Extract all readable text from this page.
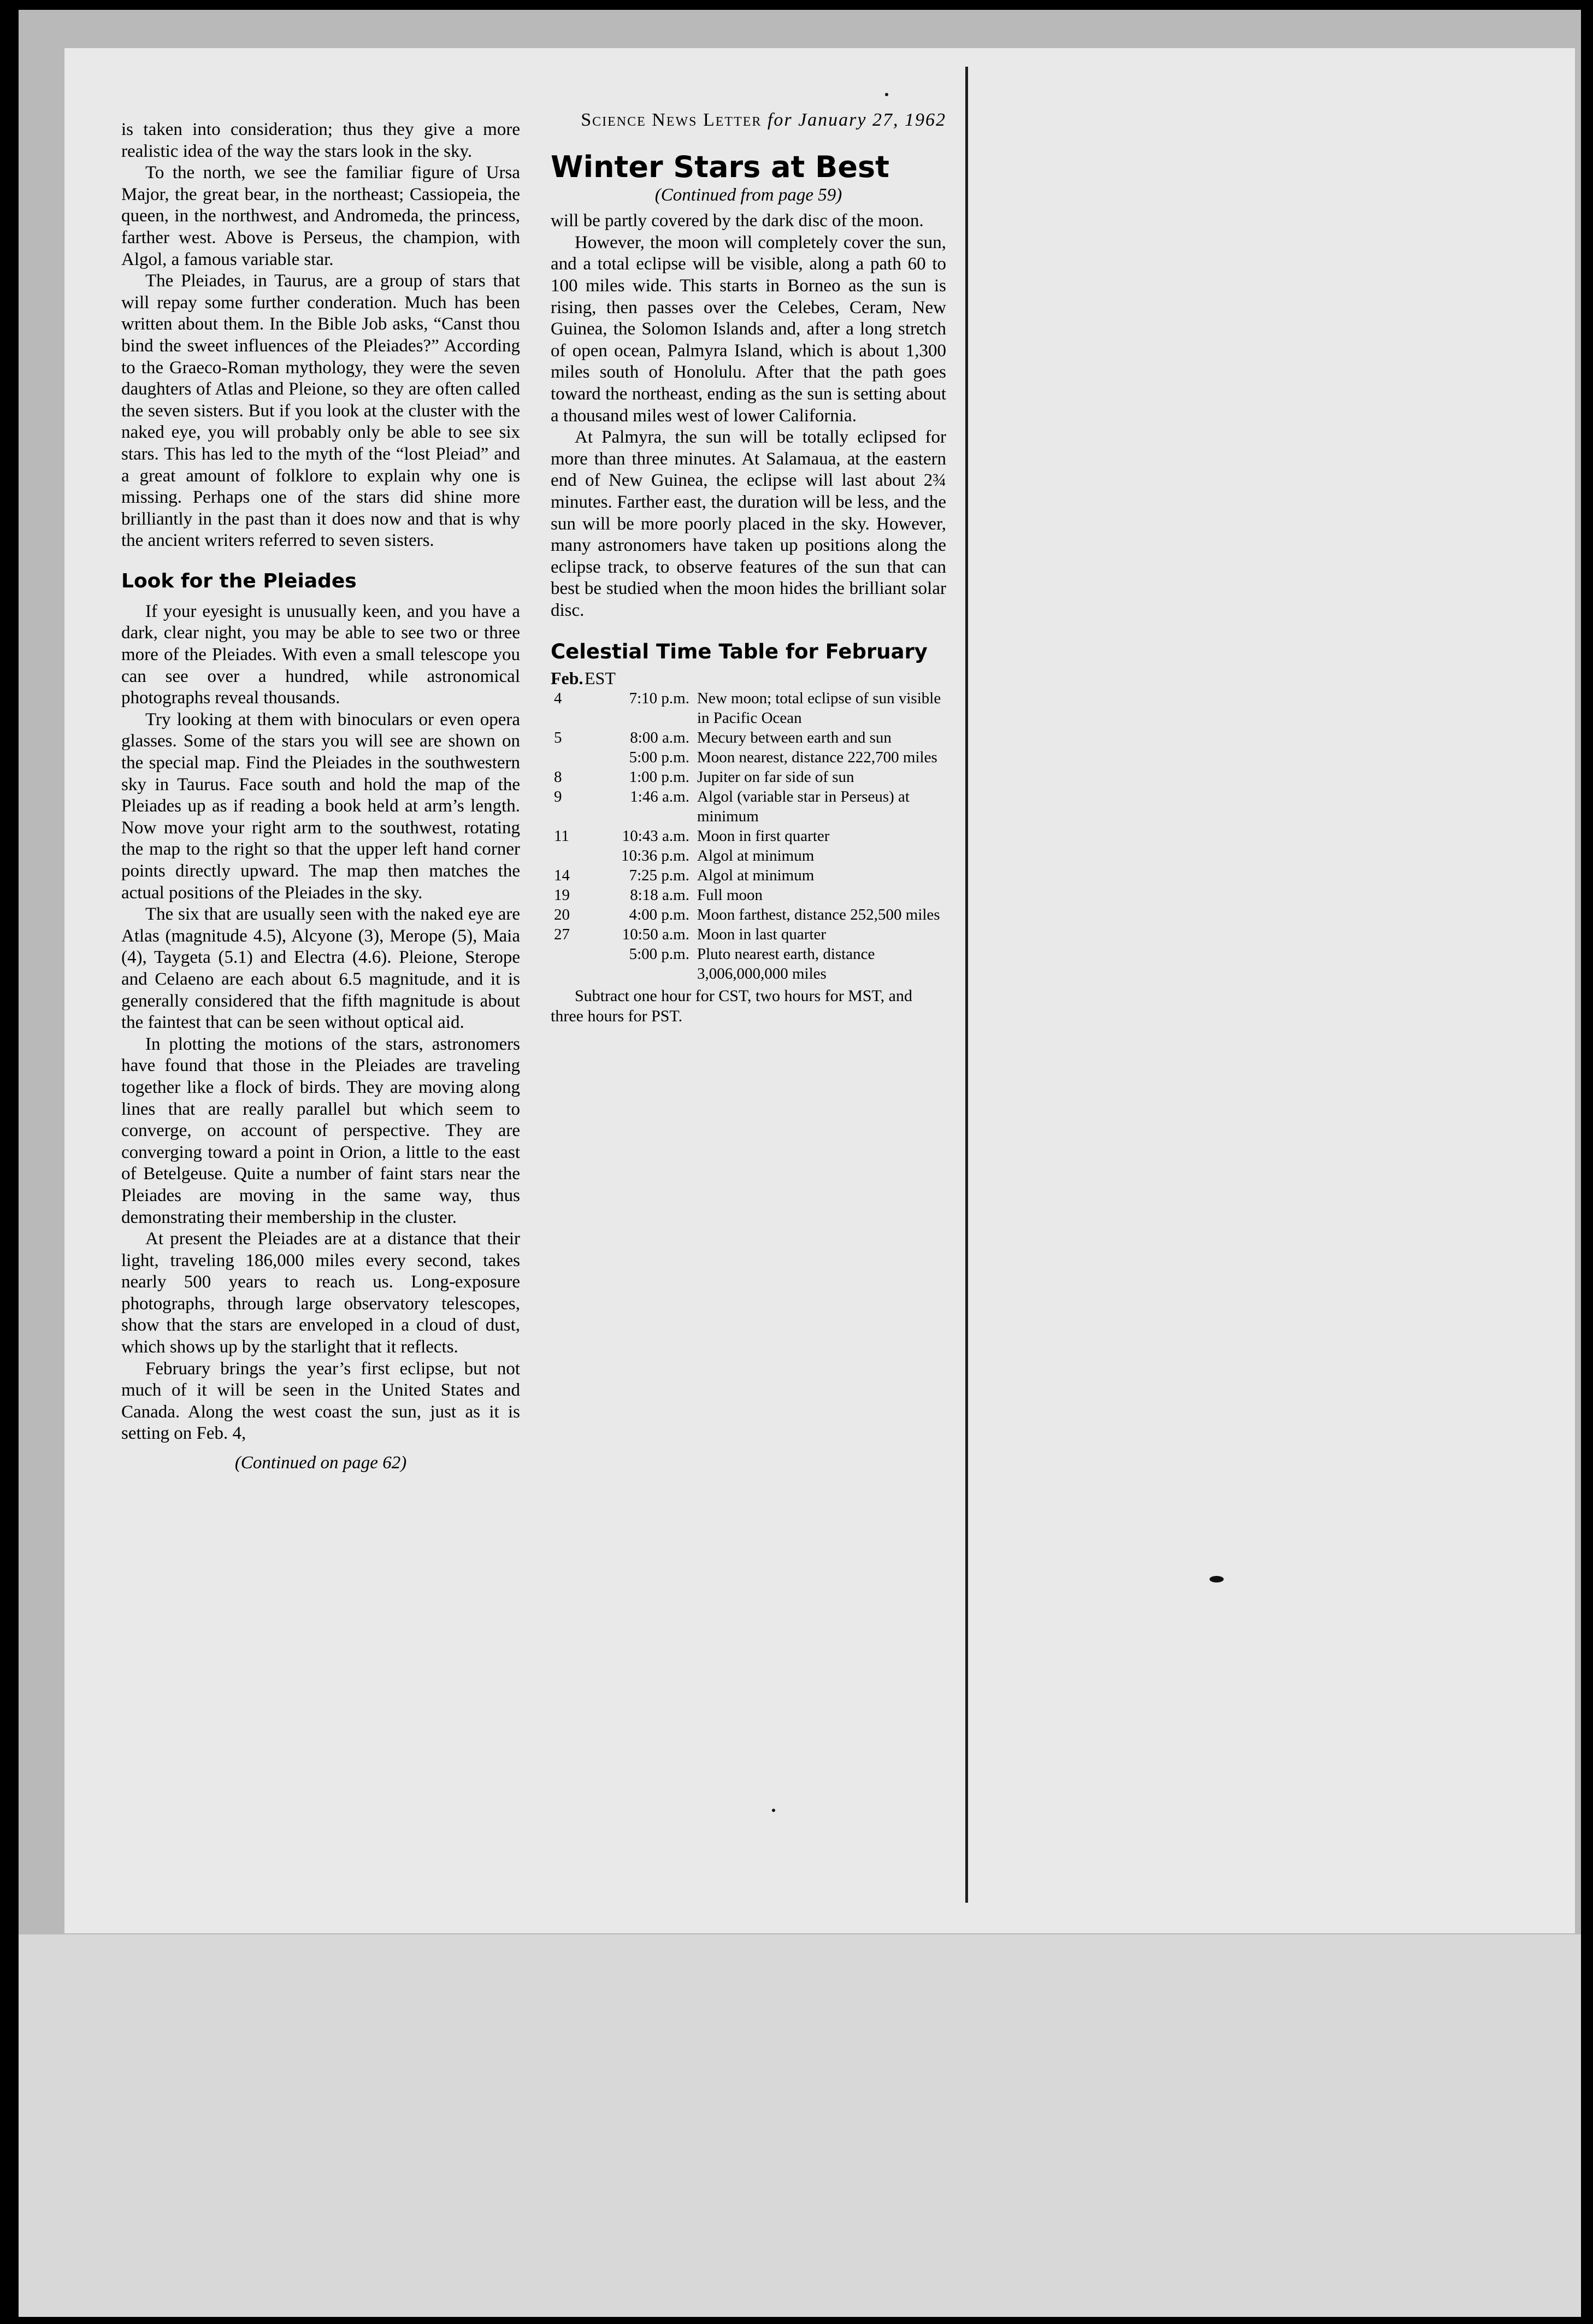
is taken into consideration; thus they give a more realistic idea of the way the stars look in the sky.

To the north, we see the familiar figure of Ursa Major, the great bear, in the northeast; Cassiopeia, the queen, in the northwest, and Andromeda, the princess, farther west. Above is Perseus, the champion, with Algol, a famous variable star.

The Pleiades, in Taurus, are a group of stars that will repay some further conderation. Much has been written about them. In the Bible Job asks, “Canst thou bind the sweet influences of the Pleiades?” According to the Graeco-Roman mythology, they were the seven daughters of Atlas and Pleione, so they are often called the seven sisters. But if you look at the cluster with the naked eye, you will probably only be able to see six stars. This has led to the myth of the “lost Pleiad” and a great amount of folklore to explain why one is missing. Perhaps one of the stars did shine more brilliantly in the past than it does now and that is why the ancient writers referred to seven sisters.

Look for the Pleiades

If your eyesight is unusually keen, and you have a dark, clear night, you may be able to see two or three more of the Pleiades. With even a small telescope you can see over a hundred, while astronomical photographs reveal thousands.

Try looking at them with binoculars or even opera glasses. Some of the stars you will see are shown on the special map. Find the Pleiades in the southwestern sky in Taurus. Face south and hold the map of the Pleiades up as if reading a book held at arm’s length. Now move your right arm to the southwest, rotating the map to the right so that the upper left hand corner points directly upward. The map then matches the actual positions of the Pleiades in the sky.

The six that are usually seen with the naked eye are Atlas (magnitude 4.5), Alcyone (3), Merope (5), Maia (4), Taygeta (5.1) and Electra (4.6). Pleione, Sterope and Celaeno are each about 6.5 magnitude, and it is generally considered that the fifth magnitude is about the faintest that can be seen without optical aid.

In plotting the motions of the stars, astronomers have found that those in the Pleiades are traveling together like a flock of birds. They are moving along lines that are really parallel but which seem to converge, on account of perspective. They are converging toward a point in Orion, a little to the east of Betelgeuse. Quite a number of faint stars near the Pleiades are moving in the same way, thus demonstrating their membership in the cluster.

At present the Pleiades are at a distance that their light, traveling 186,000 miles every second, takes nearly 500 years to reach us. Long-exposure photographs, through large observatory telescopes, show that the stars are enveloped in a cloud of dust, which shows up by the starlight that it reflects.

February brings the year’s first eclipse, but not much of it will be seen in the United States and Canada. Along the west coast the sun, just as it is setting on Feb. 4,

(Continued on page 62)
Science News Letter for January 27, 1962
Winter Stars at Best
(Continued from page 59)

will be partly covered by the dark disc of the moon.

However, the moon will completely cover the sun, and a total eclipse will be visible, along a path 60 to 100 miles wide. This starts in Borneo as the sun is rising, then passes over the Celebes, Ceram, New Guinea, the Solomon Islands and, after a long stretch of open ocean, Palmyra Island, which is about 1,300 miles south of Honolulu. After that the path goes toward the northeast, ending as the sun is setting about a thousand miles west of lower California.

At Palmyra, the sun will be totally eclipsed for more than three minutes. At Salamaua, at the eastern end of New Guinea, the eclipse will last about 2¾ minutes. Farther east, the duration will be less, and the sun will be more poorly placed in the sky. However, many astronomers have taken up positions along the eclipse track, to observe features of the sun that can best be studied when the moon hides the brilliant solar disc.

Celestial Time Table for February
Feb. EST
4	7:10 p.m. New moon; total eclipse of sun visible in Pacific Ocean
5	8:00 a.m. Mecury between earth and sun
5:00 p.m. Moon nearest, distance 222,700 miles
8	1:00 p.m. Jupiter on far side of sun
9	1:46 a.m. Algol (variable star in Perseus) at minimum
11	10:43 a.m. Moon in first quarter
10:36 p.m. Algol at minimum
14	7:25 p.m. Algol at minimum
19	8:18 a.m. Full moon
20	4:00 p.m. Moon farthest, distance 252,500 miles
27	10:50 a.m. Moon in last quarter
5:00 p.m. Pluto nearest earth, distance 3,006,000,000 miles
Subtract one hour for CST, two hours for MST, and three hours for PST.
